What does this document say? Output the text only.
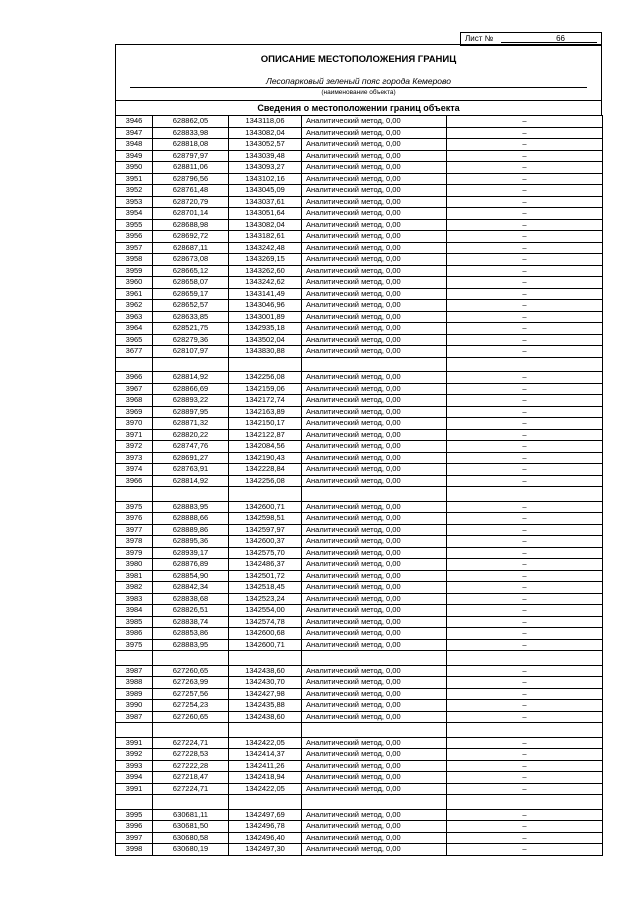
Лист №	66
ОПИСАНИЕ МЕСТОПОЛОЖЕНИЯ ГРАНИЦ
Лесопарковый зеленый пояс города Кемерово
(наименование объекта)
Сведения о местоположении границ объекта
3946	628862,05	1343118,06	Аналитический метод, 0,00	–
3947	628833,98	1343082,04	Аналитический метод, 0,00	–
3948	628818,08	1343052,57	Аналитический метод, 0,00	–
3949	628797,97	1343039,48	Аналитический метод, 0,00	–
3950	628811,06	1343093,27	Аналитический метод, 0,00	–
3951	628796,56	1343102,16	Аналитический метод, 0,00	–
3952	628761,48	1343045,09	Аналитический метод, 0,00	–
3953	628720,79	1343037,61	Аналитический метод, 0,00	–
3954	628701,14	1343051,64	Аналитический метод, 0,00	–
3955	628688,98	1343082,04	Аналитический метод, 0,00	–
3956	628692,72	1343182,61	Аналитический метод, 0,00	–
3957	628687,11	1343242,48	Аналитический метод, 0,00	–
3958	628673,08	1343269,15	Аналитический метод, 0,00	–
3959	628665,12	1343262,60	Аналитический метод, 0,00	–
3960	628658,07	1343242,62	Аналитический метод, 0,00	–
3961	628659,17	1343141,49	Аналитический метод, 0,00	–
3962	628652,57	1343046,96	Аналитический метод, 0,00	–
3963	628633,85	1343001,89	Аналитический метод, 0,00	–
3964	628521,75	1342935,18	Аналитический метод, 0,00	–
3965	628279,36	1343502,04	Аналитический метод, 0,00	–
3677	628107,97	1343830,88	Аналитический метод, 0,00	–

3966	628814,92	1342256,08	Аналитический метод, 0,00	–
3967	628866,69	1342159,06	Аналитический метод, 0,00	–
3968	628893,22	1342172,74	Аналитический метод, 0,00	–
3969	628897,95	1342163,89	Аналитический метод, 0,00	–
3970	628871,32	1342150,17	Аналитический метод, 0,00	–
3971	628820,22	1342122,87	Аналитический метод, 0,00	–
3972	628747,76	1342084,56	Аналитический метод, 0,00	–
3973	628691,27	1342190,43	Аналитический метод, 0,00	–
3974	628763,91	1342228,84	Аналитический метод, 0,00	–
3966	628814,92	1342256,08	Аналитический метод, 0,00	–

3975	628883,95	1342600,71	Аналитический метод, 0,00	–
3976	628888,66	1342598,51	Аналитический метод, 0,00	–
3977	628889,86	1342597,97	Аналитический метод, 0,00	–
3978	628895,36	1342600,37	Аналитический метод, 0,00	–
3979	628939,17	1342575,70	Аналитический метод, 0,00	–
3980	628876,89	1342486,37	Аналитический метод, 0,00	–
3981	628854,90	1342501,72	Аналитический метод, 0,00	–
3982	628842,34	1342518,45	Аналитический метод, 0,00	–
3983	628838,68	1342523,24	Аналитический метод, 0,00	–
3984	628826,51	1342554,00	Аналитический метод, 0,00	–
3985	628838,74	1342574,78	Аналитический метод, 0,00	–
3986	628853,86	1342600,68	Аналитический метод, 0,00	–
3975	628883,95	1342600,71	Аналитический метод, 0,00	–

3987	627260,65	1342438,60	Аналитический метод, 0,00	–
3988	627263,99	1342430,70	Аналитический метод, 0,00	–
3989	627257,56	1342427,98	Аналитический метод, 0,00	–
3990	627254,23	1342435,88	Аналитический метод, 0,00	–
3987	627260,65	1342438,60	Аналитический метод, 0,00	–

3991	627224,71	1342422,05	Аналитический метод, 0,00	–
3992	627228,53	1342414,37	Аналитический метод, 0,00	–
3993	627222,28	1342411,26	Аналитический метод, 0,00	–
3994	627218,47	1342418,94	Аналитический метод, 0,00	–
3991	627224,71	1342422,05	Аналитический метод, 0,00	–

3995	630681,11	1342497,69	Аналитический метод, 0,00	–
3996	630681,50	1342496,78	Аналитический метод, 0,00	–
3997	630680,58	1342496,40	Аналитический метод, 0,00	–
3998	630680,19	1342497,30	Аналитический метод, 0,00	–
